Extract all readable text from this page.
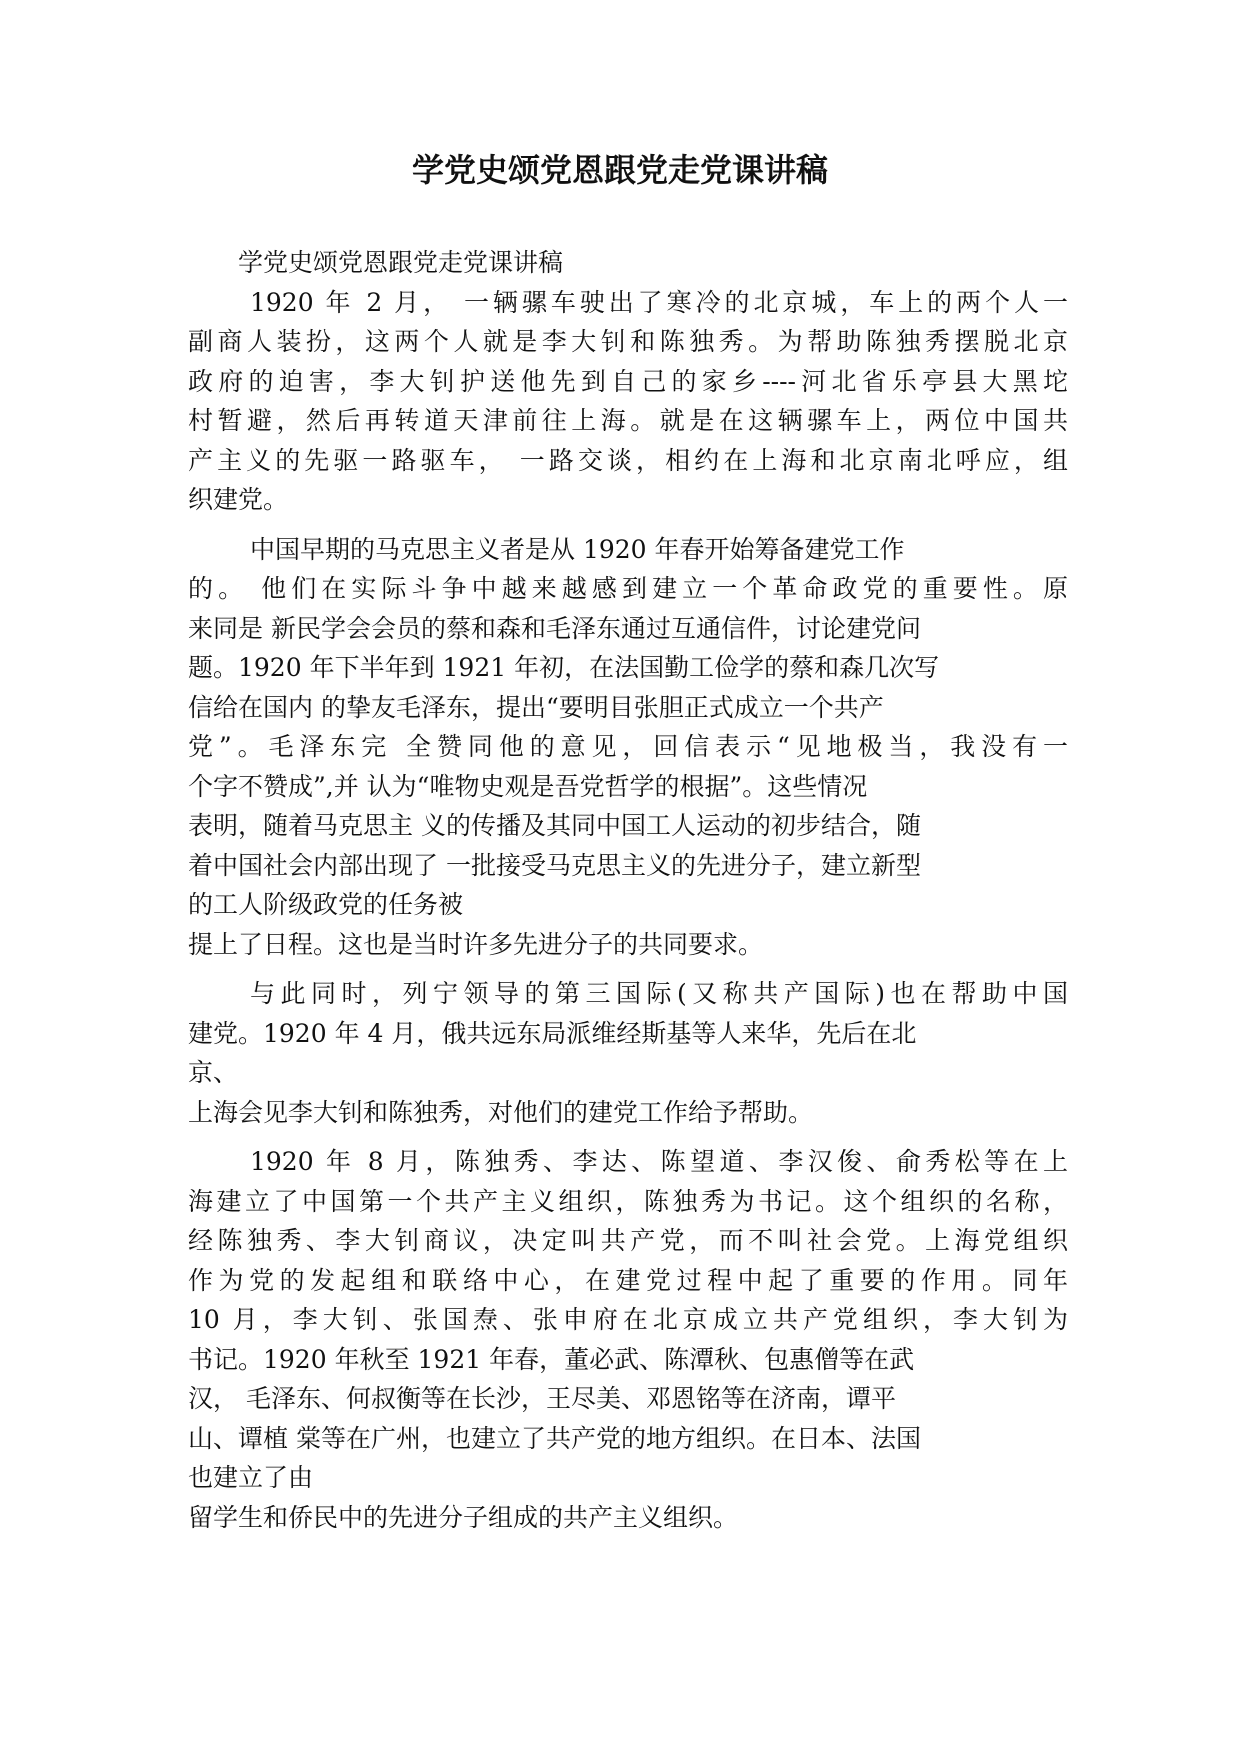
学党史颂党恩跟党走党课讲稿
学党史颂党恩跟党走党课讲稿
1920 年 2 月， 一辆骡车驶出了寒冷的北京城，车上的两个人一
副商人装扮，这两个人就是李大钊和陈独秀。为帮助陈独秀摆脱北京
政府的迫害，李大钊护送他先到自己的家乡----河北省乐亭县大黑坨
村暂避，然后再转道天津前往上海。就是在这辆骡车上，两位中国共
产主义的先驱一路驱车， 一路交谈，相约在上海和北京南北呼应，组
织建党。
中国早期的马克思主义者是从 1920 年春开始筹备建党工作
的。 他们在实际斗争中越来越感到建立一个革命政党的重要性。原
来同是 新民学会会员的蔡和森和毛泽东通过互通信件，讨论建党问
题。1920 年下半年到 1921 年初，在法国勤工俭学的蔡和森几次写
信给在国内 的挚友毛泽东，提出“要明目张胆正式成立一个共产
党”。毛泽东完 全赞同他的意见，回信表示“见地极当，我没有一
个字不赞成”,并 认为“唯物史观是吾党哲学的根据”。这些情况
表明，随着马克思主 义的传播及其同中国工人运动的初步结合，随
着中国社会内部出现了 一批接受马克思主义的先进分子，建立新型
的工人阶级政党的任务被
提上了日程。这也是当时许多先进分子的共同要求。
与此同时，列宁领导的第三国际(又称共产国际)也在帮助中国
建党。1920 年 4 月，俄共远东局派维经斯基等人来华，先后在北
京、
上海会见李大钊和陈独秀，对他们的建党工作给予帮助。
1920 年 8 月，陈独秀、李达、陈望道、李汉俊、俞秀松等在上
海建立了中国第一个共产主义组织，陈独秀为书记。这个组织的名称，
经陈独秀、李大钊商议，决定叫共产党，而不叫社会党。上海党组织
作为党的发起组和联络中心，在建党过程中起了重要的作用。同年
10 月，李大钊、张国焘、张申府在北京成立共产党组织，李大钊为
书记。1920 年秋至 1921 年春，董必武、陈潭秋、包惠僧等在武
汉， 毛泽东、何叔衡等在长沙，王尽美、邓恩铭等在济南，谭平
山、谭植 棠等在广州，也建立了共产党的地方组织。在日本、法国
也建立了由
留学生和侨民中的先进分子组成的共产主义组织。
